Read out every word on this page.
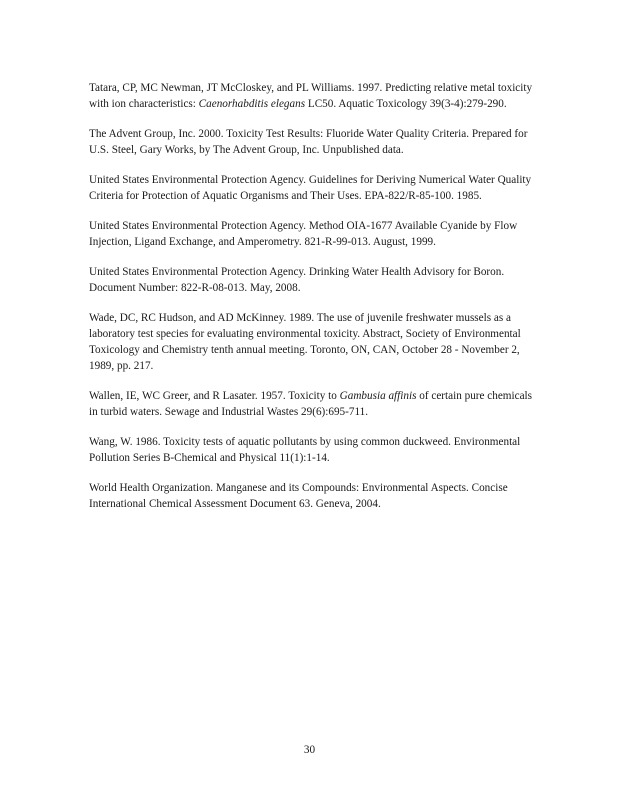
Tatara, CP, MC Newman, JT McCloskey, and PL Williams. 1997. Predicting relative metal toxicity with ion characteristics: Caenorhabditis elegans LC50. Aquatic Toxicology 39(3-4):279-290.

The Advent Group, Inc. 2000. Toxicity Test Results: Fluoride Water Quality Criteria. Prepared for U.S. Steel, Gary Works, by The Advent Group, Inc. Unpublished data.

United States Environmental Protection Agency. Guidelines for Deriving Numerical Water Quality Criteria for Protection of Aquatic Organisms and Their Uses. EPA-822/R-85-100. 1985.

United States Environmental Protection Agency. Method OIA-1677 Available Cyanide by Flow Injection, Ligand Exchange, and Amperometry. 821-R-99-013. August, 1999.

United States Environmental Protection Agency. Drinking Water Health Advisory for Boron. Document Number: 822-R-08-013. May, 2008.

Wade, DC, RC Hudson, and AD McKinney. 1989. The use of juvenile freshwater mussels as a laboratory test species for evaluating environmental toxicity. Abstract, Society of Environmental Toxicology and Chemistry tenth annual meeting. Toronto, ON, CAN, October 28 - November 2, 1989, pp. 217.

Wallen, IE, WC Greer, and R Lasater. 1957. Toxicity to Gambusia affinis of certain pure chemicals in turbid waters. Sewage and Industrial Wastes 29(6):695-711.

Wang, W. 1986. Toxicity tests of aquatic pollutants by using common duckweed. Environmental Pollution Series B-Chemical and Physical 11(1):1-14.

World Health Organization. Manganese and its Compounds: Environmental Aspects. Concise International Chemical Assessment Document 63. Geneva, 2004.

30
